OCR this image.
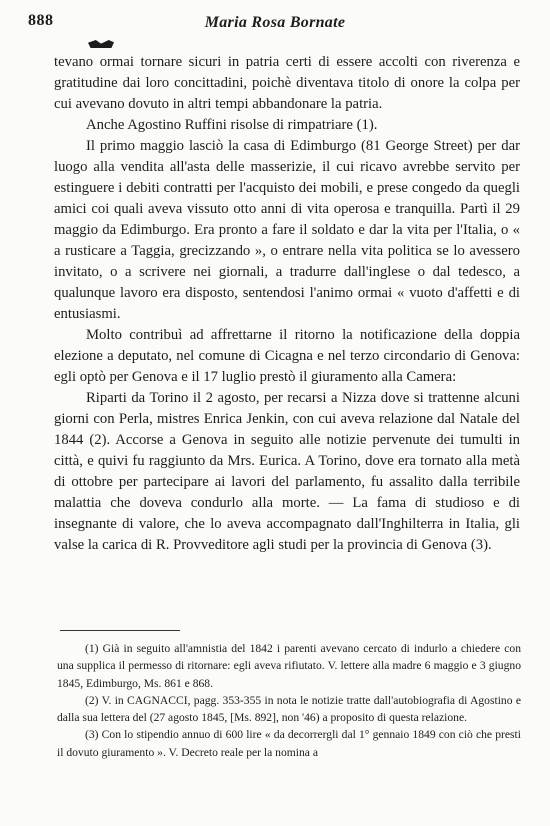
888	Maria Rosa Bornate

tevano ormai tornare sicuri in patria certi di essere accolti con riverenza e gratitudine dai loro concittadini, poichè diventava titolo di onore la colpa per cui avevano dovuto in altri tempi abbandonare la patria.

Anche Agostino Ruffini risolse di rimpatriare (1).

Il primo maggio lasciò la casa di Edimburgo (81 George Street) per dar luogo alla vendita all'asta delle masserizie, il cui ricavo avrebbe servito per estinguere i debiti contratti per l'acquisto dei mobili, e prese congedo da quegli amici coi quali aveva vissuto otto anni di vita operosa e tranquilla. Partì il 29 maggio da Edimburgo. Era pronto a fare il soldato e dar la vita per l'Italia, o « a rusticare a Taggia, grecizzando », o entrare nella vita politica se lo avessero invitato, o a scrivere nei giornali, a tradurre dall'inglese o dal tedesco, a qualunque lavoro era disposto, sentendosi l'animo ormai « vuoto d'affetti e di entusiasmi.

Molto contribuì ad affrettarne il ritorno la notificazione della doppia elezione a deputato, nel comune di Cicagna e nel terzo circondario di Genova: egli optò per Genova e il 17 luglio prestò il giuramento alla Camera:

Riparti da Torino il 2 agosto, per recarsi a Nizza dove si trattenne alcuni giorni con Perla, mistres Enrica Jenkin, con cui aveva relazione dal Natale del 1844 (2). Accorse a Genova in seguito alle notizie pervenute dei tumulti in città, e quivi fu raggiunto da Mrs. Eurica. A Torino, dove era tornato alla metà di ottobre per partecipare ai lavori del parlamento, fu assalito dalla terribile malattia che doveva condurlo alla morte. — La fama di studioso e di insegnante di valore, che lo aveva accompagnato dall'Inghilterra in Italia, gli valse la carica di R. Provveditore agli studi per la provincia di Genova (3).

(1) Già in seguito all'amnistia del 1842 i parenti avevano cercato di indurlo a chiedere con una supplica il permesso di ritornare: egli aveva rifiutato. V. lettere alla madre 6 maggio e 3 giugno 1845, Edimburgo, Ms. 861 e 868.

(2) V. in CAGNACCI, pagg. 353-355 in nota le notizie tratte dall'autobiografia di Agostino e dalla sua lettera del (27 agosto 1845, [Ms. 892], non '46) a proposito di questa relazione.

(3) Con lo stipendio annuo di 600 lire « da decorrergli dal 1° gennaio 1849 con ciò che presti il dovuto giuramento ». V. Decreto reale per la nomina a
